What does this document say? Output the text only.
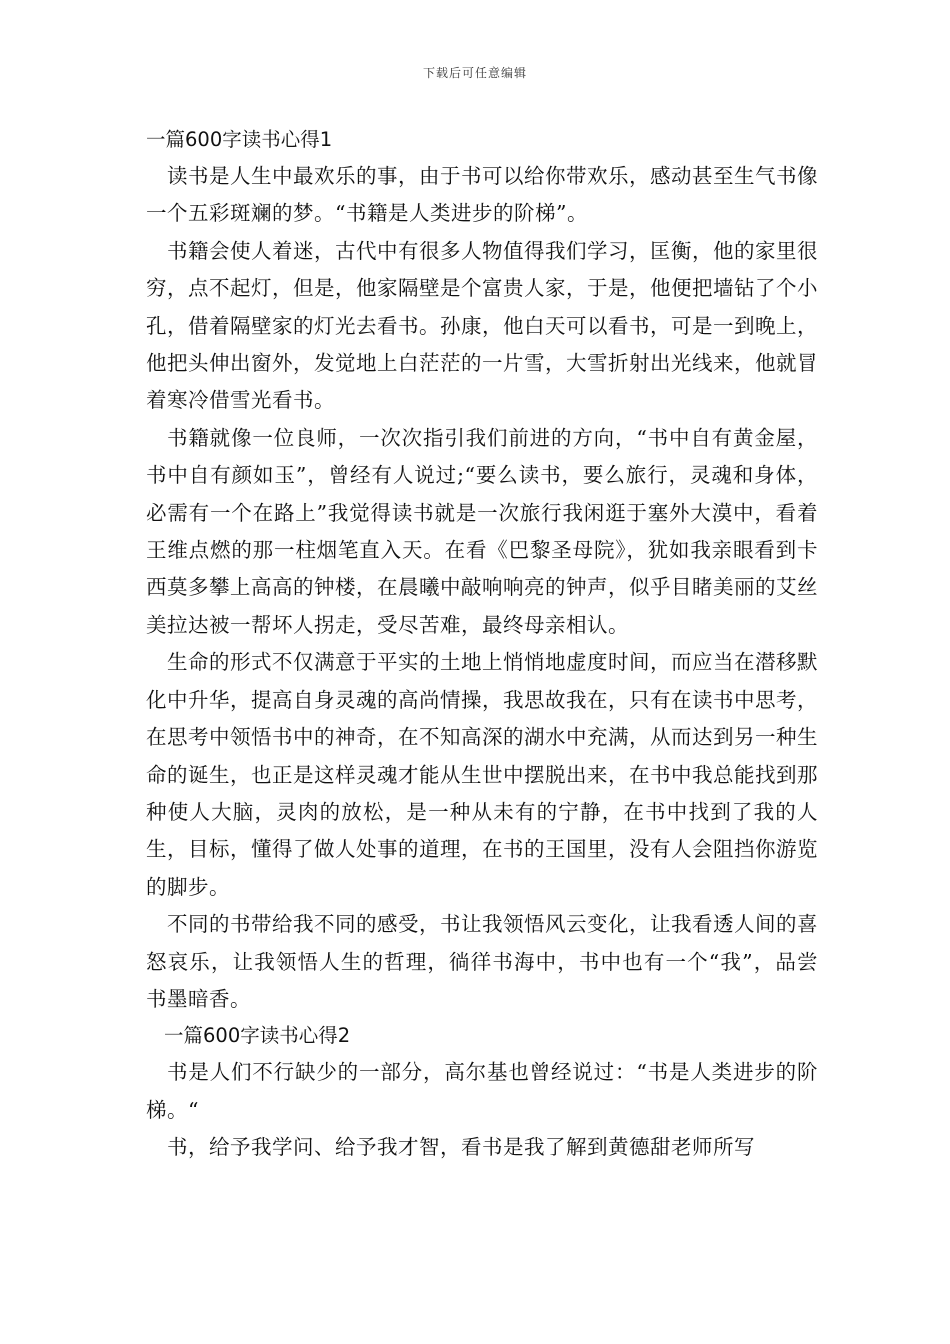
下载后可任意编辑
一篇600字读书心得1

读书是人生中最欢乐的事，由于书可以给你带欢乐，感动甚至生气书像一个五彩斑斓的梦。“书籍是人类进步的阶梯”。

书籍会使人着迷，古代中有很多人物值得我们学习，匡衡，他的家里很穷，点不起灯，但是，他家隔壁是个富贵人家，于是，他便把墙钻了个小孔，借着隔壁家的灯光去看书。孙康，他白天可以看书，可是一到晚上，他把头伸出窗外，发觉地上白茫茫的一片雪，大雪折射出光线来，他就冒着寒冷借雪光看书。

书籍就像一位良师，一次次指引我们前进的方向，“书中自有黄金屋，书中自有颜如玉”，曾经有人说过;“要么读书，要么旅行，灵魂和身体，必需有一个在路上”我觉得读书就是一次旅行我闲逛于塞外大漠中，看着王维点燃的那一柱烟笔直入天。在看《巴黎圣母院》，犹如我亲眼看到卡西莫多攀上高高的钟楼，在晨曦中敲响响亮的钟声，似乎目睹美丽的艾丝美拉达被一帮坏人拐走，受尽苦难，最终母亲相认。

生命的形式不仅满意于平实的土地上悄悄地虚度时间，而应当在潜移默化中升华，提高自身灵魂的高尚情操，我思故我在，只有在读书中思考，在思考中领悟书中的神奇，在不知高深的湖水中充满，从而达到另一种生命的诞生，也正是这样灵魂才能从生世中摆脱出来，在书中我总能找到那种使人大脑，灵肉的放松，是一种从未有的宁静，在书中找到了我的人生，目标，懂得了做人处事的道理，在书的王国里，没有人会阻挡你游览的脚步。

不同的书带给我不同的感受，书让我领悟风云变化，让我看透人间的喜怒哀乐，让我领悟人生的哲理，徜徉书海中，书中也有一个“我”，品尝书墨暗香。

一篇600字读书心得2

书是人们不行缺少的一部分，高尔基也曾经说过：“书是人类进步的阶梯。“

书，给予我学问、给予我才智，看书是我了解到黄德甜老师所写
